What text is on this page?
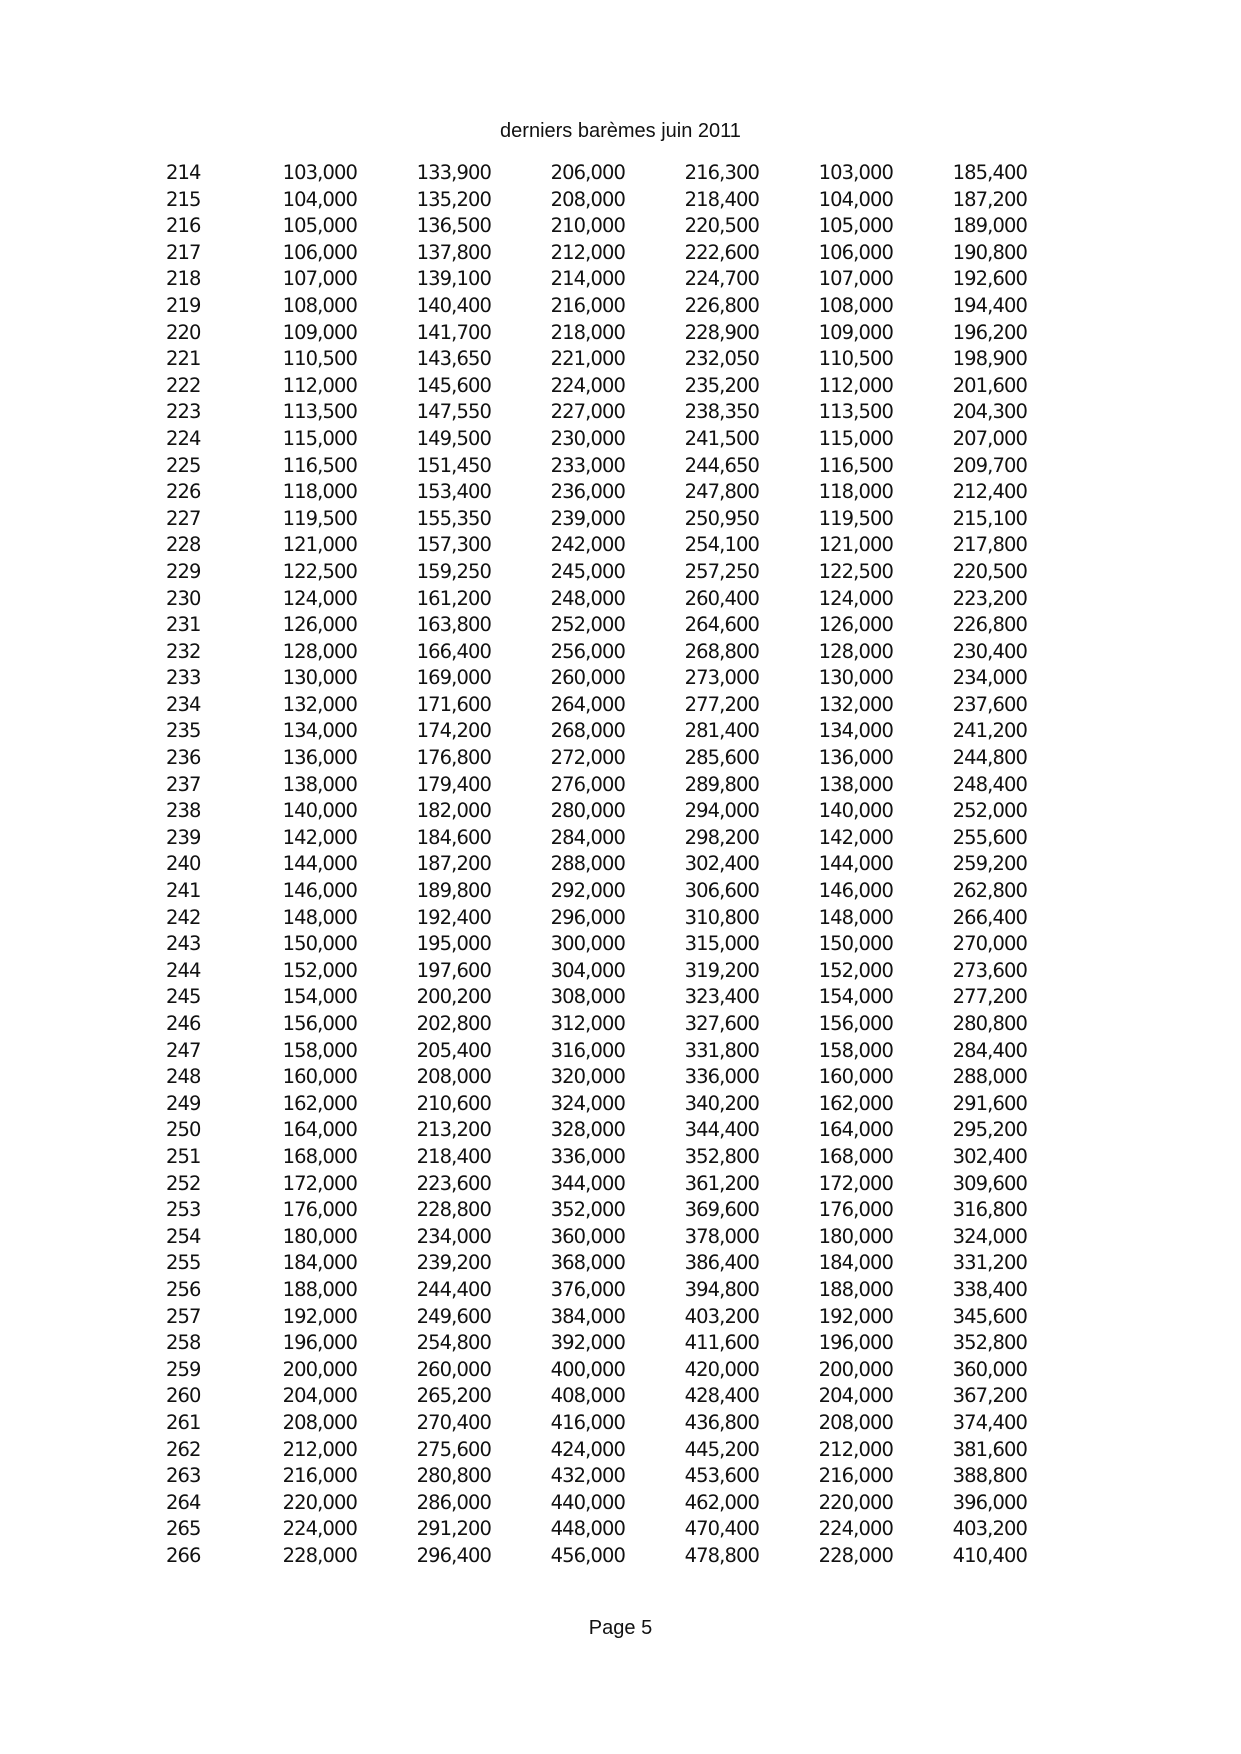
derniers barèmes juin 2011
214	103,000	133,900	206,000	216,300	103,000	185,400
215	104,000	135,200	208,000	218,400	104,000	187,200
216	105,000	136,500	210,000	220,500	105,000	189,000
217	106,000	137,800	212,000	222,600	106,000	190,800
218	107,000	139,100	214,000	224,700	107,000	192,600
219	108,000	140,400	216,000	226,800	108,000	194,400
220	109,000	141,700	218,000	228,900	109,000	196,200
221	110,500	143,650	221,000	232,050	110,500	198,900
222	112,000	145,600	224,000	235,200	112,000	201,600
223	113,500	147,550	227,000	238,350	113,500	204,300
224	115,000	149,500	230,000	241,500	115,000	207,000
225	116,500	151,450	233,000	244,650	116,500	209,700
226	118,000	153,400	236,000	247,800	118,000	212,400
227	119,500	155,350	239,000	250,950	119,500	215,100
228	121,000	157,300	242,000	254,100	121,000	217,800
229	122,500	159,250	245,000	257,250	122,500	220,500
230	124,000	161,200	248,000	260,400	124,000	223,200
231	126,000	163,800	252,000	264,600	126,000	226,800
232	128,000	166,400	256,000	268,800	128,000	230,400
233	130,000	169,000	260,000	273,000	130,000	234,000
234	132,000	171,600	264,000	277,200	132,000	237,600
235	134,000	174,200	268,000	281,400	134,000	241,200
236	136,000	176,800	272,000	285,600	136,000	244,800
237	138,000	179,400	276,000	289,800	138,000	248,400
238	140,000	182,000	280,000	294,000	140,000	252,000
239	142,000	184,600	284,000	298,200	142,000	255,600
240	144,000	187,200	288,000	302,400	144,000	259,200
241	146,000	189,800	292,000	306,600	146,000	262,800
242	148,000	192,400	296,000	310,800	148,000	266,400
243	150,000	195,000	300,000	315,000	150,000	270,000
244	152,000	197,600	304,000	319,200	152,000	273,600
245	154,000	200,200	308,000	323,400	154,000	277,200
246	156,000	202,800	312,000	327,600	156,000	280,800
247	158,000	205,400	316,000	331,800	158,000	284,400
248	160,000	208,000	320,000	336,000	160,000	288,000
249	162,000	210,600	324,000	340,200	162,000	291,600
250	164,000	213,200	328,000	344,400	164,000	295,200
251	168,000	218,400	336,000	352,800	168,000	302,400
252	172,000	223,600	344,000	361,200	172,000	309,600
253	176,000	228,800	352,000	369,600	176,000	316,800
254	180,000	234,000	360,000	378,000	180,000	324,000
255	184,000	239,200	368,000	386,400	184,000	331,200
256	188,000	244,400	376,000	394,800	188,000	338,400
257	192,000	249,600	384,000	403,200	192,000	345,600
258	196,000	254,800	392,000	411,600	196,000	352,800
259	200,000	260,000	400,000	420,000	200,000	360,000
260	204,000	265,200	408,000	428,400	204,000	367,200
261	208,000	270,400	416,000	436,800	208,000	374,400
262	212,000	275,600	424,000	445,200	212,000	381,600
263	216,000	280,800	432,000	453,600	216,000	388,800
264	220,000	286,000	440,000	462,000	220,000	396,000
265	224,000	291,200	448,000	470,400	224,000	403,200
266	228,000	296,400	456,000	478,800	228,000	410,400
Page 5
